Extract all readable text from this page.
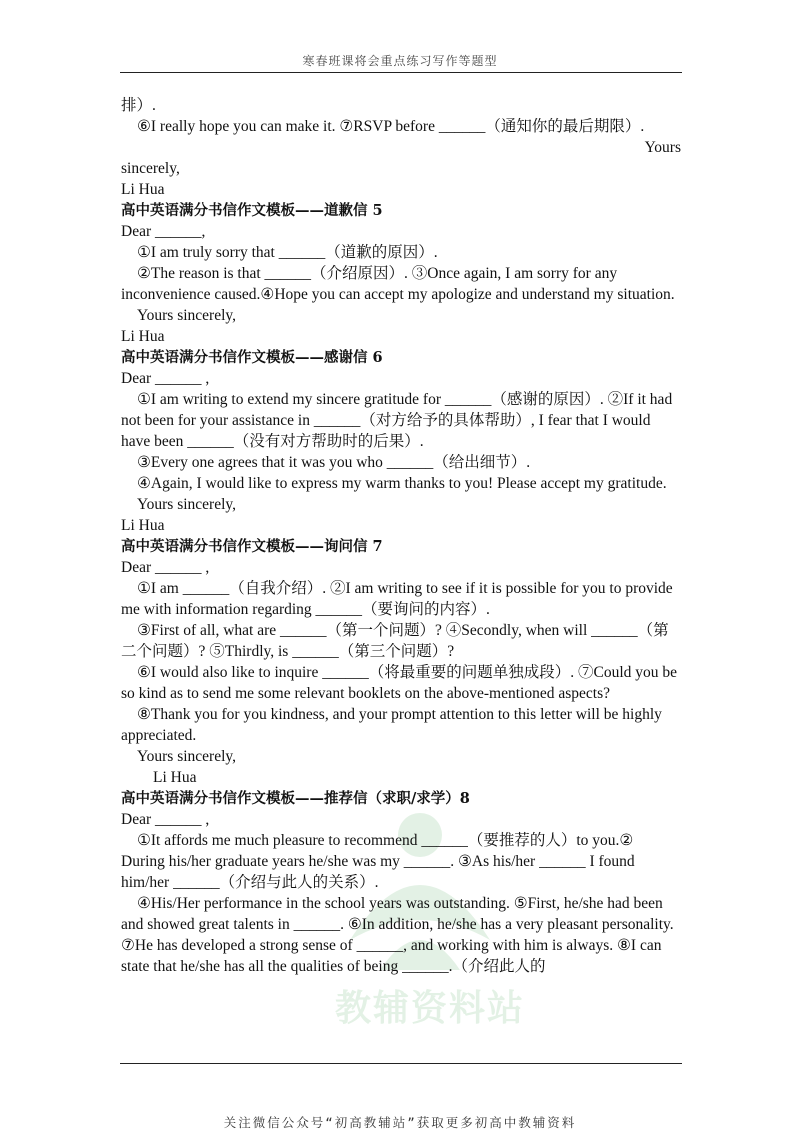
寒春班课将会重点练习写作等题型
教辅资料站

排）.

⑥I really hope you can make it. ⑦RSVP before ______（通知你的最后期限）.

Yours

sincerely,

Li Hua

高中英语满分书信作文模板——道歉信 5

Dear ______,

①I am truly sorry that ______（道歉的原因）.

②The reason is that ______（介绍原因）. ③Once again, I am sorry for any inconvenience caused.④Hope you can accept my apologize and understand my situation.

Yours sincerely,

Li Hua

高中英语满分书信作文模板——感谢信 6

Dear ______ ,

①I am writing to extend my sincere gratitude for ______（感谢的原因）. ②If it had not been for your assistance in ______（对方给予的具体帮助）, I fear that I would have been ______（没有对方帮助时的后果）.

③Every one agrees that it was you who ______（给出细节）.

④Again, I would like to express my warm thanks to you! Please accept my gratitude.

Yours sincerely,

Li Hua

高中英语满分书信作文模板——询问信 7

Dear ______ ,

①I am ______（自我介绍）. ②I am writing to see if it is possible for you to provide me with information regarding ______（要询问的内容）.

③First of all, what are ______（第一个问题）? ④Secondly, when will ______（第二个问题）? ⑤Thirdly, is ______（第三个问题）?

⑥I would also like to inquire ______（将最重要的问题单独成段）. ⑦Could you be so kind as to send me some relevant booklets on the above-mentioned aspects?

⑧Thank you for you kindness, and your prompt attention to this letter will be highly appreciated.

Yours sincerely,

Li Hua

高中英语满分书信作文模板——推荐信（求职/求学）8

Dear ______ ,

①It affords me much pleasure to recommend ______（要推荐的人）to you.② During his/her graduate years he/she was my ______. ③As his/her ______ I found him/her ______（介绍与此人的关系）.

④His/Her performance in the school years was outstanding. ⑤First, he/she had been and showed great talents in ______. ⑥In addition, he/she has a very pleasant personality. ⑦He has developed a strong sense of ______, and working with him is always. ⑧I can state that he/she has all the qualities of being ______.（介绍此人的

关注微信公众号“初高教辅站”获取更多初高中教辅资料
